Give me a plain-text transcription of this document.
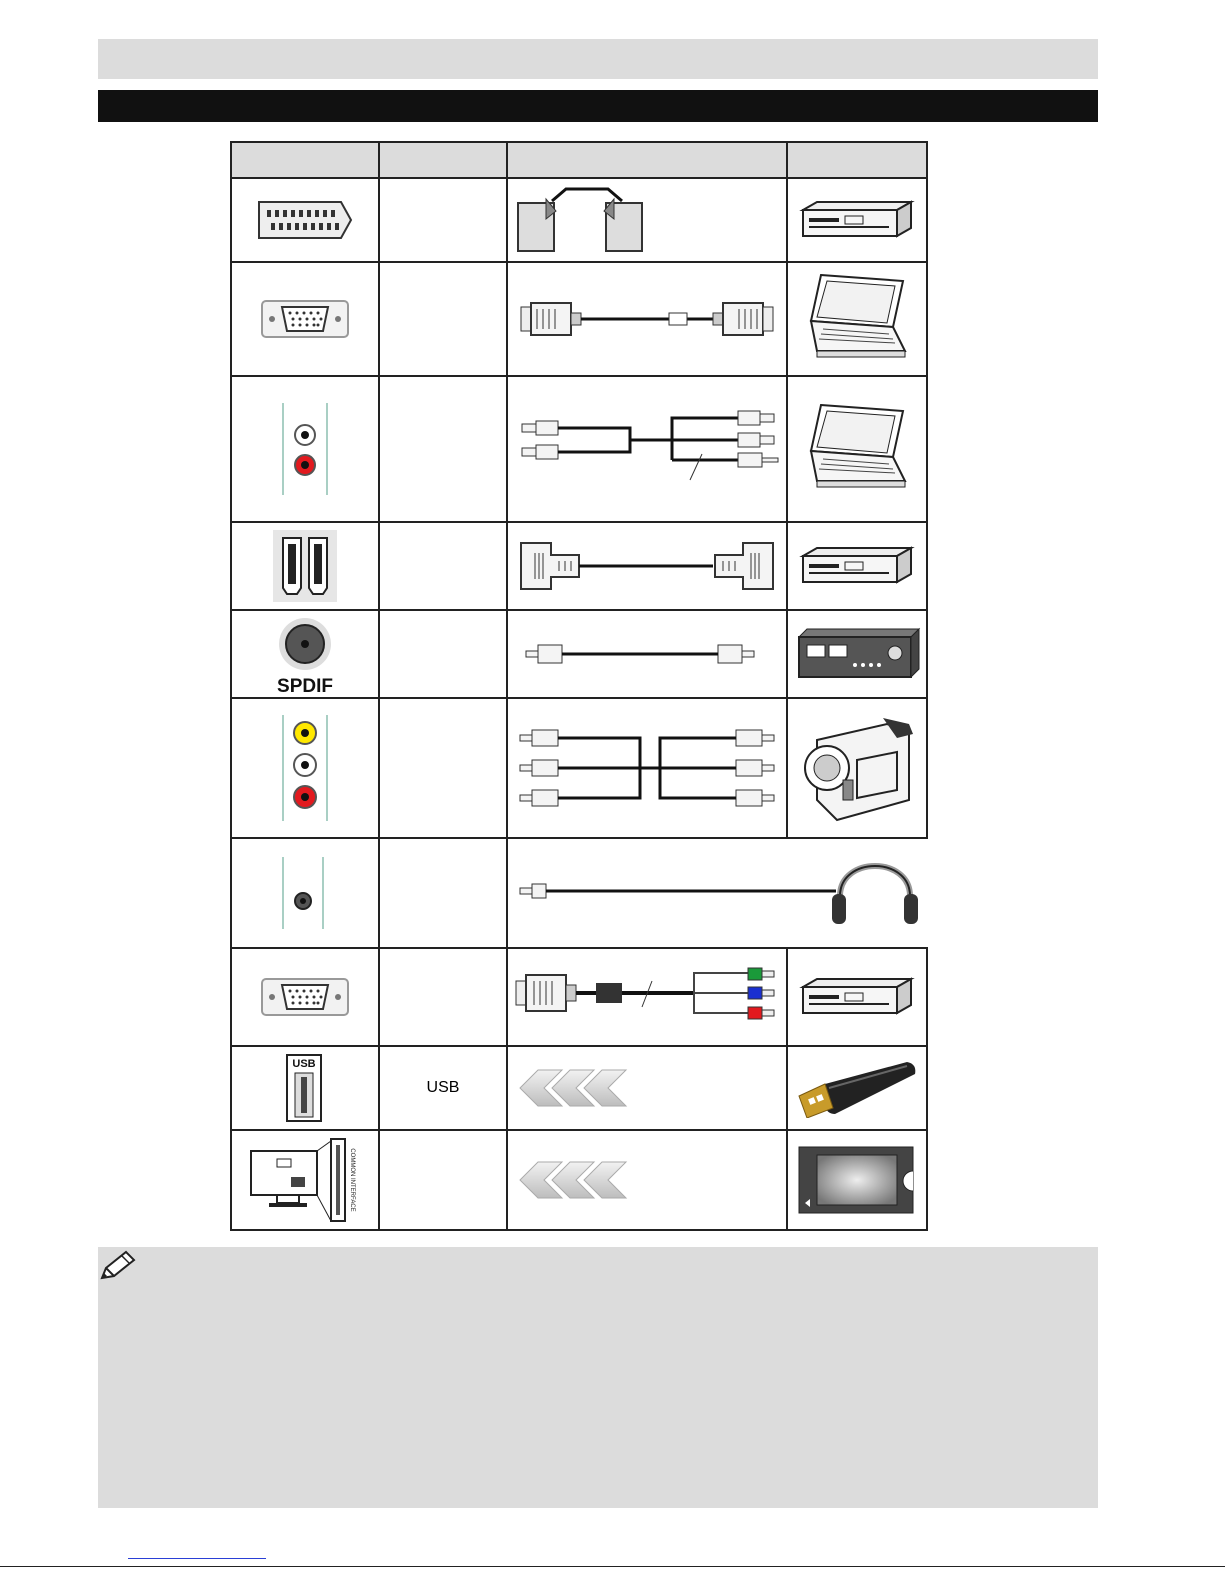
SPDIF

USB	USB	

COMMON INTERFACE
